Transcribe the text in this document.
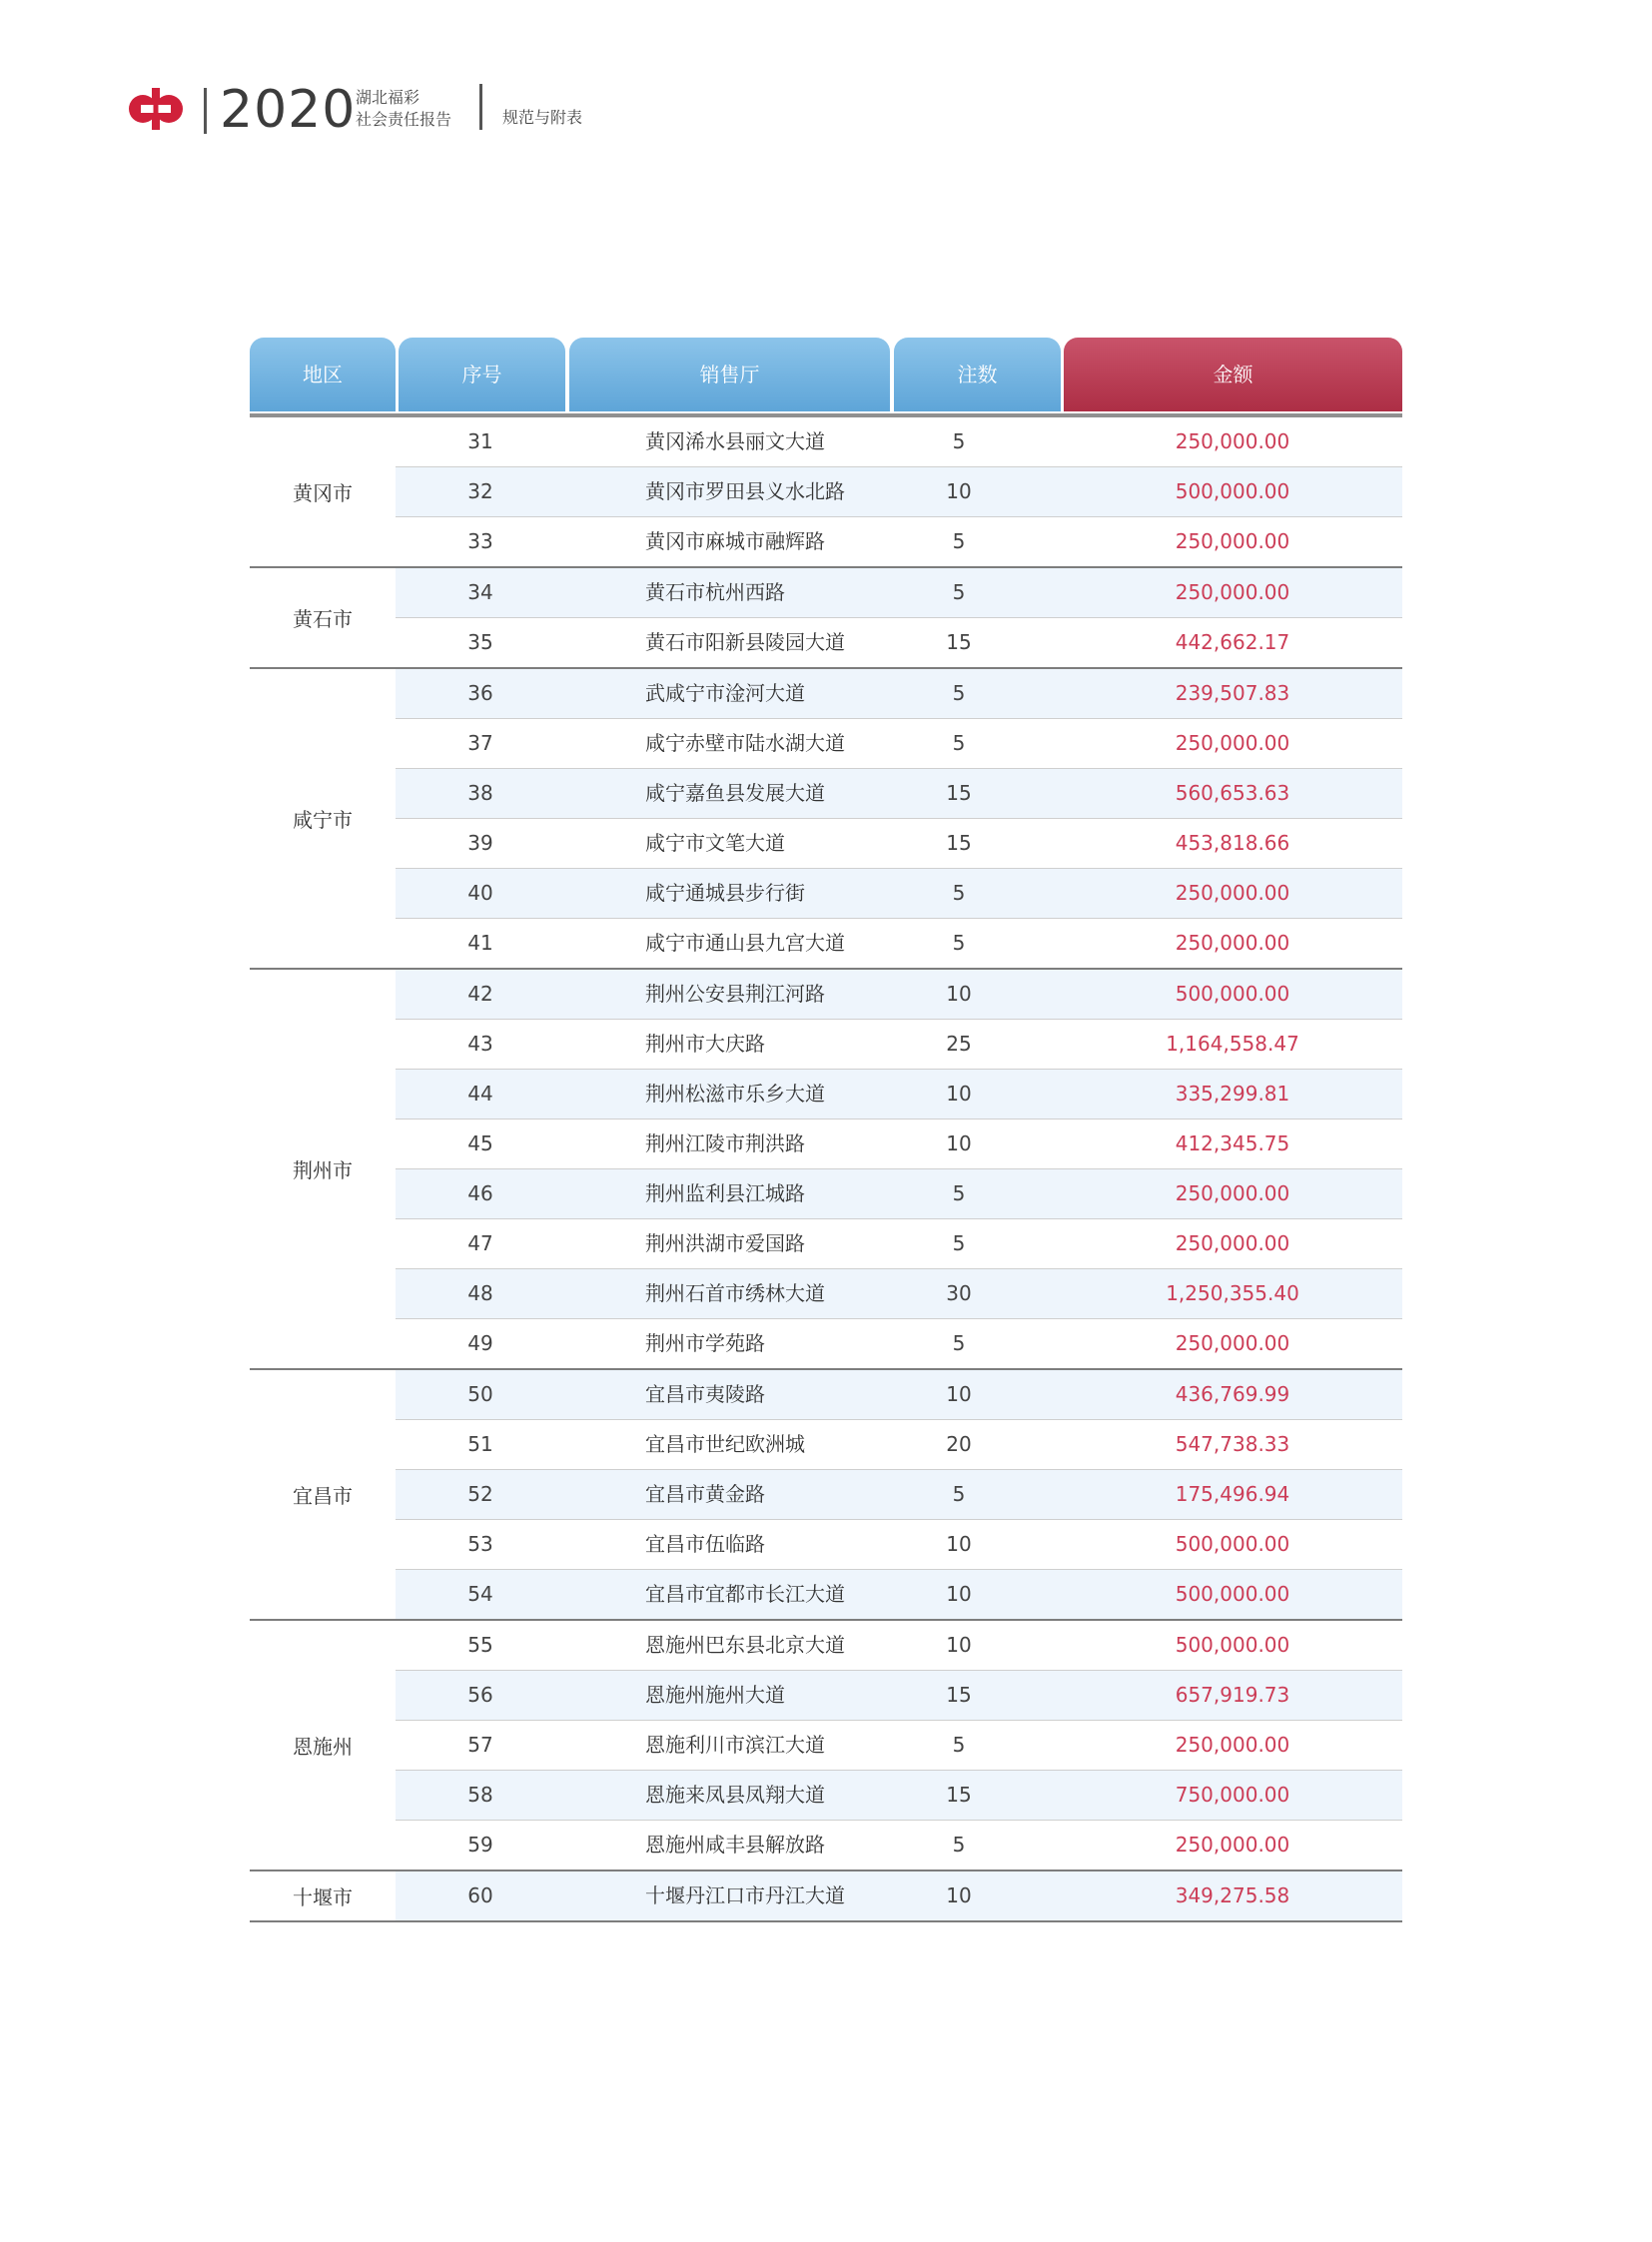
2020 湖北福彩
社会责任报告	规范与附表
地区	序号	销售厅	注数	金额
黄冈市
31	黄冈浠水县丽文大道	5	250,000.00
32	黄冈市罗田县义水北路	10	500,000.00
33	黄冈市麻城市融辉路	5	250,000.00
黄石市
34	黄石市杭州西路	5	250,000.00
35	黄石市阳新县陵园大道	15	442,662.17
咸宁市
36	武咸宁市淦河大道	5	239,507.83
37	咸宁赤壁市陆水湖大道	5	250,000.00
38	咸宁嘉鱼县发展大道	15	560,653.63
39	咸宁市文笔大道	15	453,818.66
40	咸宁通城县步行街	5	250,000.00
41	咸宁市通山县九宫大道	5	250,000.00
荆州市
42	荆州公安县荆江河路	10	500,000.00
43	荆州市大庆路	25	1,164,558.47
44	荆州松滋市乐乡大道	10	335,299.81
45	荆州江陵市荆洪路	10	412,345.75
46	荆州监利县江城路	5	250,000.00
47	荆州洪湖市爱国路	5	250,000.00
48	荆州石首市绣林大道	30	1,250,355.40
49	荆州市学苑路	5	250,000.00
宜昌市
50	宜昌市夷陵路	10	436,769.99
51	宜昌市世纪欧洲城	20	547,738.33
52	宜昌市黄金路	5	175,496.94
53	宜昌市伍临路	10	500,000.00
54	宜昌市宜都市长江大道	10	500,000.00
恩施州
55	恩施州巴东县北京大道	10	500,000.00
56	恩施州施州大道	15	657,919.73
57	恩施利川市滨江大道	5	250,000.00
58	恩施来凤县凤翔大道	15	750,000.00
59	恩施州咸丰县解放路	5	250,000.00
十堰市	60	十堰丹江口市丹江大道	10	349,275.58
